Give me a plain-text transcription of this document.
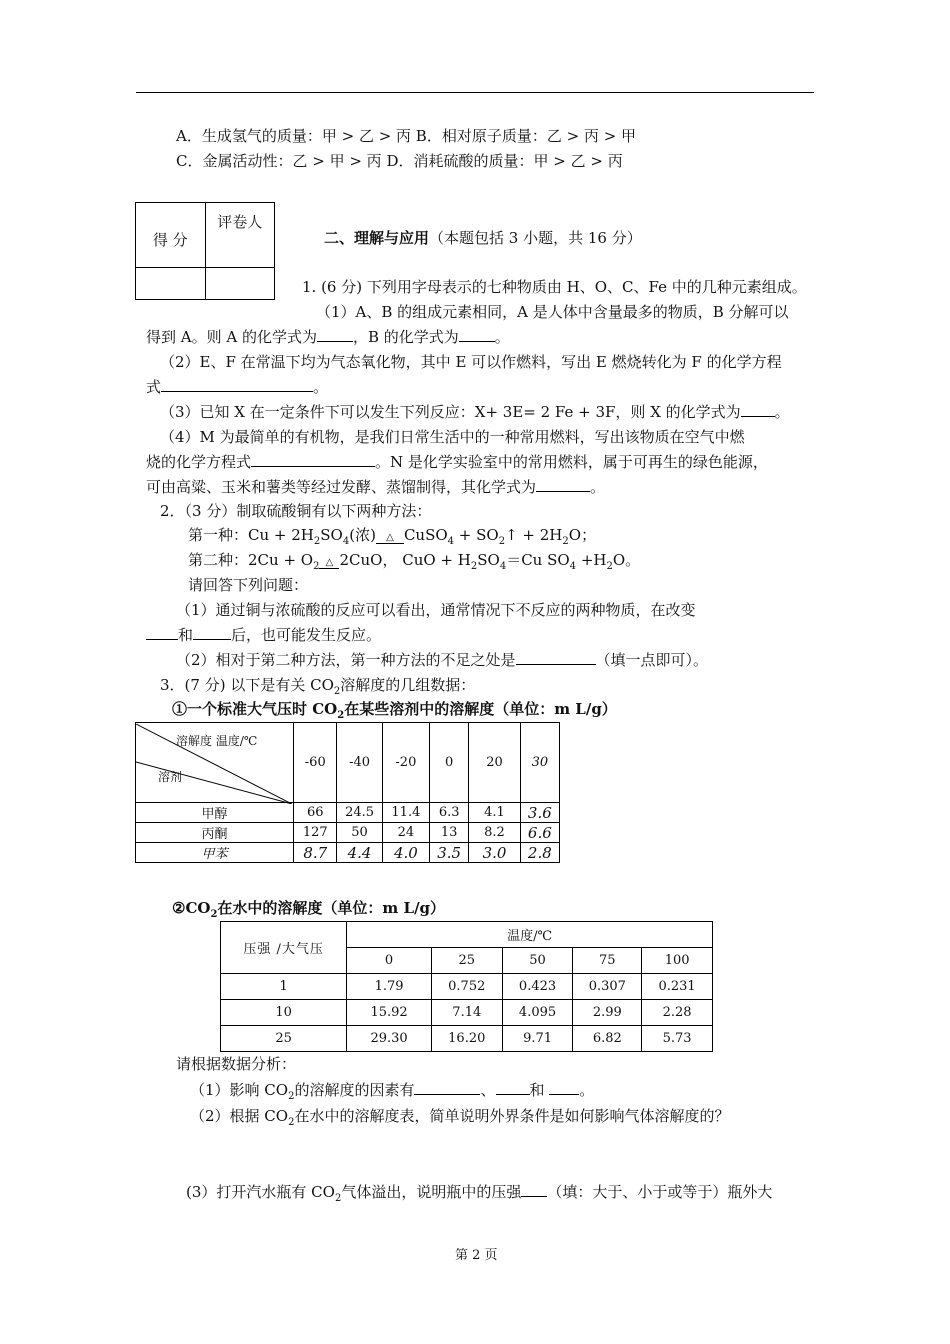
A．生成氢气的质量：甲 > 乙 > 丙 B．相对原子质量：乙 > 丙 > 甲
C．金属活动性：乙 > 甲 > 丙 D．消耗硫酸的质量：甲 > 乙 > 丙
得 分	评卷人

二、理解与应用（本题包括 3 小题，共 16 分）
1. (6 分) 下列用字母表示的七种物质由 H、O、C、Fe 中的几种元素组成。
（1）A、B 的组成元素相同，A 是人体中含量最多的物质，B 分解可以
得到 A。则 A 的化学式为 ，B 的化学式为 。
（2）E、F 在常温下均为气态氧化物，其中 E 可以作燃料，写出 E 燃烧转化为 F 的化学方程
式	。
（3）已知 X 在一定条件下可以发生下列反应：X+ 3E= 2 Fe + 3F，则 X 的化学式为 。
（4）M 为最简单的有机物，是我们日常生活中的一种常用燃料，写出该物质在空气中燃
烧的化学方程式	。N 是化学实验室中的常用燃料，属于可再生的绿色能源，
可由高粱、玉米和薯类等经过发酵、蒸馏制得，其化学式为	。
2．（3 分）制取硫酸铜有以下两种方法：
第一种：$Cu + 2H_2SO_4$(浓) △ CuSO$_4$ + $SO_2↑ + 2H_2O$；
第二种：$2Cu + O_2$ △ 2CuO， CuO + $H_2SO_4=Cu$ $SO_4 +H_2O$。
请回答下列问题：
（1）通过铜与浓硫酸的反应可以看出，通常情况下不反应的两种物质，在改变
和	后，也可能发生反应。
（2）相对于第二种方法，第一种方法的不足之处是	（填一点即可）。
3．(7 分) 以下是有关 $CO_2$溶解度的几组数据：
①一个标准大气压时 $CO_2$在某些溶剂中的溶解度（单位：m L/g）
溶解度 温度/℃
溶剂	-60	-40	-20	0	20	30
甲醇	66	24.5	11.4	6.3	4.1	3.6
丙酮	127	50	24	13	8.2	6.6
甲苯	8.7	4.4	4.0	3.5	3.0	2.8
$②CO_2$在水中的溶解度（单位：m L/g）
压强 /大气压	温度/℃				
	0	25	50	75	100
1	1.79	0.752	0.423	0.307	0.231
10	15.92	7.14	4.095	2.99	2.28
25	29.30	16.20	9.71	6.82	5.73
请根据数据分析：
（1）影响 $CO_2$的溶解度的因素有	、 和 。
（2）根据 $CO_2$在水中的溶解度表，简单说明外界条件是如何影响气体溶解度的？
(3）打开汽水瓶有 $CO_2$气体溢出，说明瓶中的压强 （填：大于、小于或等于）瓶外大
第 2 页
